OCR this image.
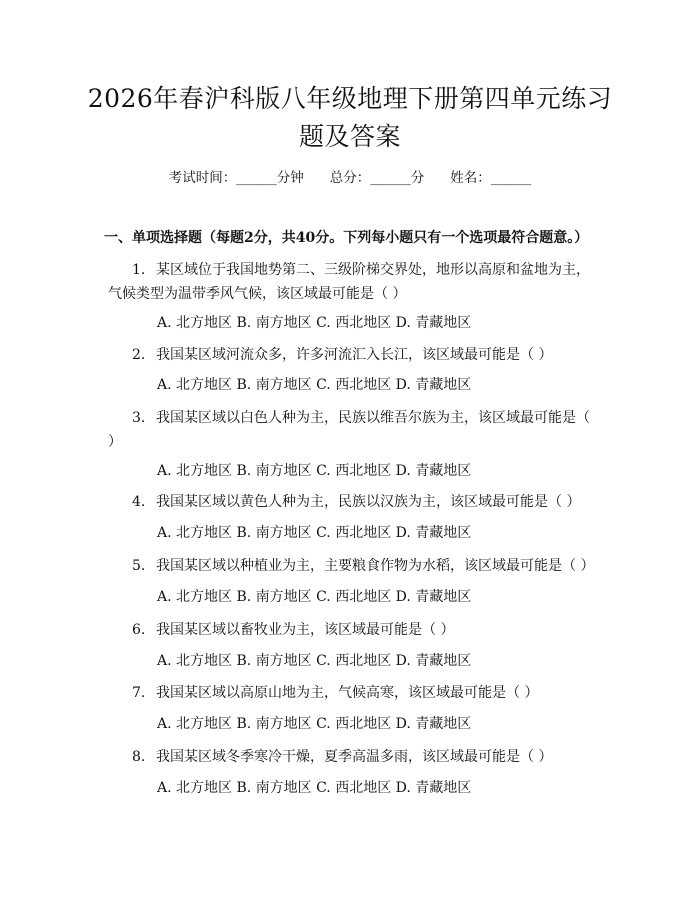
2026年春沪科版八年级地理下册第四单元练习题及答案
考试时间：______分钟 总分：______分 姓名：______
一、单项选择题（每题2分，共40分。下列每小题只有一个选项最符合题意。）
1. 某区域位于我国地势第二、三级阶梯交界处，地形以高原和盆地为主，气候类型为温带季风气候，该区域最可能是（ ）
A. 北方地区 B. 南方地区 C. 西北地区 D. 青藏地区
2. 我国某区域河流众多，许多河流汇入长江，该区域最可能是（ ）
A. 北方地区 B. 南方地区 C. 西北地区 D. 青藏地区
3. 我国某区域以白色人种为主，民族以维吾尔族为主，该区域最可能是（ ）
A. 北方地区 B. 南方地区 C. 西北地区 D. 青藏地区
4. 我国某区域以黄色人种为主，民族以汉族为主，该区域最可能是（ ）
A. 北方地区 B. 南方地区 C. 西北地区 D. 青藏地区
5. 我国某区域以种植业为主，主要粮食作物为水稻，该区域最可能是（ ）
A. 北方地区 B. 南方地区 C. 西北地区 D. 青藏地区
6. 我国某区域以畜牧业为主，该区域最可能是（ ）
A. 北方地区 B. 南方地区 C. 西北地区 D. 青藏地区
7. 我国某区域以高原山地为主，气候高寒，该区域最可能是（ ）
A. 北方地区 B. 南方地区 C. 西北地区 D. 青藏地区
8. 我国某区域冬季寒冷干燥，夏季高温多雨，该区域最可能是（ ）
A. 北方地区 B. 南方地区 C. 西北地区 D. 青藏地区
